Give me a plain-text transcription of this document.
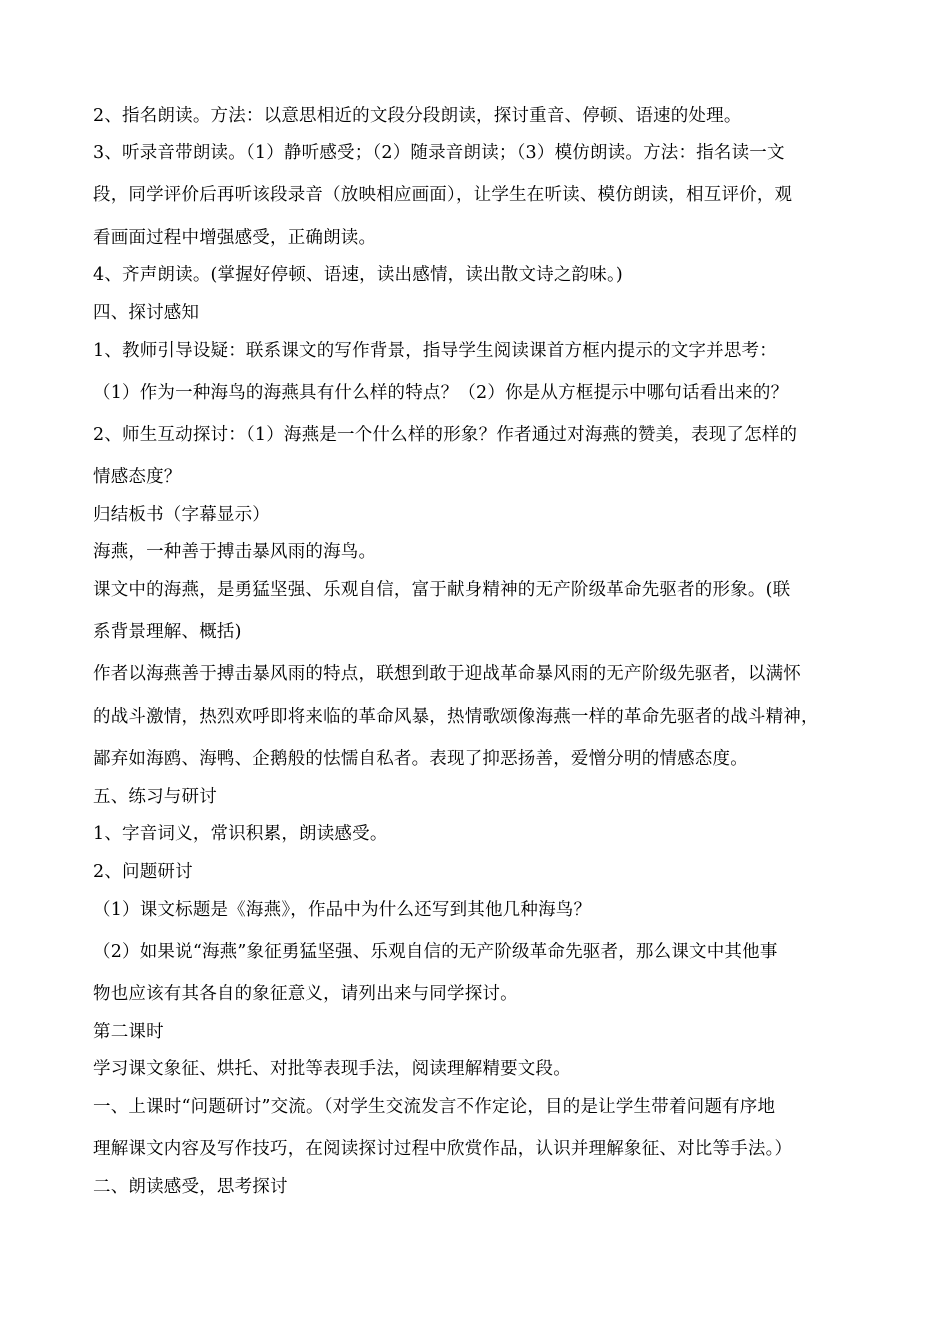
2、指名朗读。方法：以意思相近的文段分段朗读，探讨重音、停顿、语速的处理。

3、听录音带朗读。（1）静听感受；（2）随录音朗读；（3）模仿朗读。方法：指名读一文

段，同学评价后再听该段录音（放映相应画面），让学生在听读、模仿朗读，相互评价，观

看画面过程中增强感受，正确朗读。

4、齐声朗读。(掌握好停顿、语速，读出感情，读出散文诗之韵味。)

四、探讨感知

1、教师引导设疑：联系课文的写作背景，指导学生阅读课首方框内提示的文字并思考：

（1）作为一种海鸟的海燕具有什么样的特点？（2）你是从方框提示中哪句话看出来的？

2、师生互动探讨：（1）海燕是一个什么样的形象？作者通过对海燕的赞美，表现了怎样的

情感态度？

归结板书（字幕显示）

海燕，一种善于搏击暴风雨的海鸟。

课文中的海燕，是勇猛坚强、乐观自信，富于献身精神的无产阶级革命先驱者的形象。(联

系背景理解、概括)

作者以海燕善于搏击暴风雨的特点，联想到敢于迎战革命暴风雨的无产阶级先驱者，以满怀

的战斗激情，热烈欢呼即将来临的革命风暴，热情歌颂像海燕一样的革命先驱者的战斗精神，

鄙弃如海鸥、海鸭、企鹅般的怯懦自私者。表现了抑恶扬善，爱憎分明的情感态度。

五、练习与研讨

1、字音词义，常识积累，朗读感受。

2、问题研讨

（1）课文标题是《海燕》，作品中为什么还写到其他几种海鸟？

（2）如果说“海燕”象征勇猛坚强、乐观自信的无产阶级革命先驱者，那么课文中其他事

物也应该有其各自的象征意义，请列出来与同学探讨。

第二课时

学习课文象征、烘托、对批等表现手法，阅读理解精要文段。

一、上课时“问题研讨”交流。（对学生交流发言不作定论，目的是让学生带着问题有序地

理解课文内容及写作技巧，在阅读探讨过程中欣赏作品，认识并理解象征、对比等手法。）

二、朗读感受，思考探讨
